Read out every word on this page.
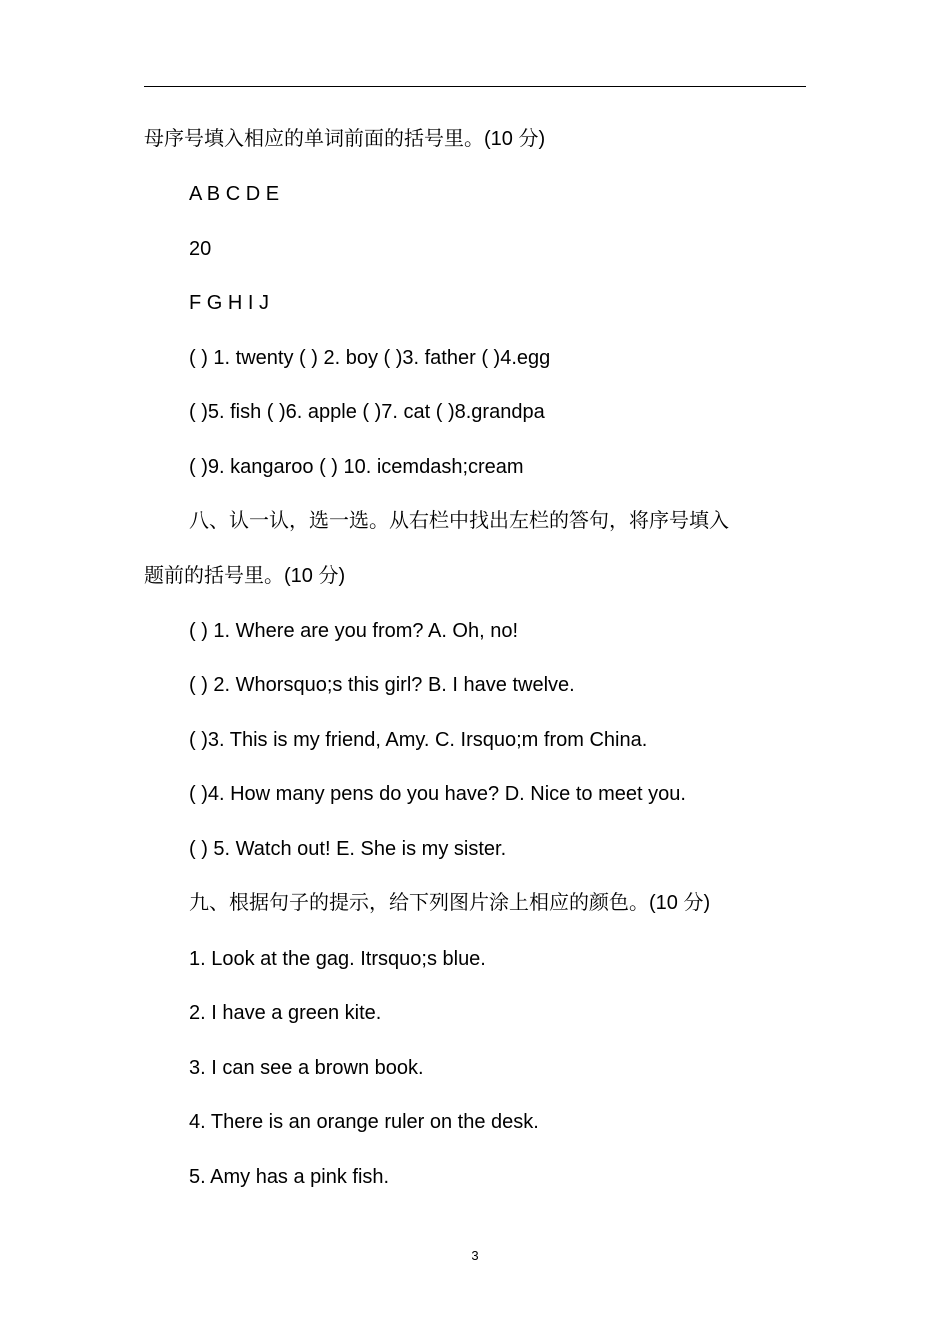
母序号填入相应的单词前面的括号里。(10 分)
A B C D E
20
F G H I J
( ) 1. twenty ( ) 2. boy ( )3. father ( )4.egg
( )5. fish ( )6. apple ( )7. cat ( )8.grandpa
( )9. kangaroo ( ) 10. icemdash;cream
八、认一认，选一选。从右栏中找出左栏的答句，将序号填入
题前的括号里。(10 分)
( ) 1. Where are you from? A. Oh, no!
( ) 2. Whorsquo;s this girl? B. I have twelve.
( )3. This is my friend, Amy. C. Irsquo;m from China.
( )4. How many pens do you have? D. Nice to meet you.
( ) 5. Watch out! E. She is my sister.
九、根据句子的提示，给下列图片涂上相应的颜色。(10 分)
1. Look at the gag. Itrsquo;s blue.
2. I have a green kite.
3. I can see a brown book.
4. There is an orange ruler on the desk.
5. Amy has a pink fish.
3
